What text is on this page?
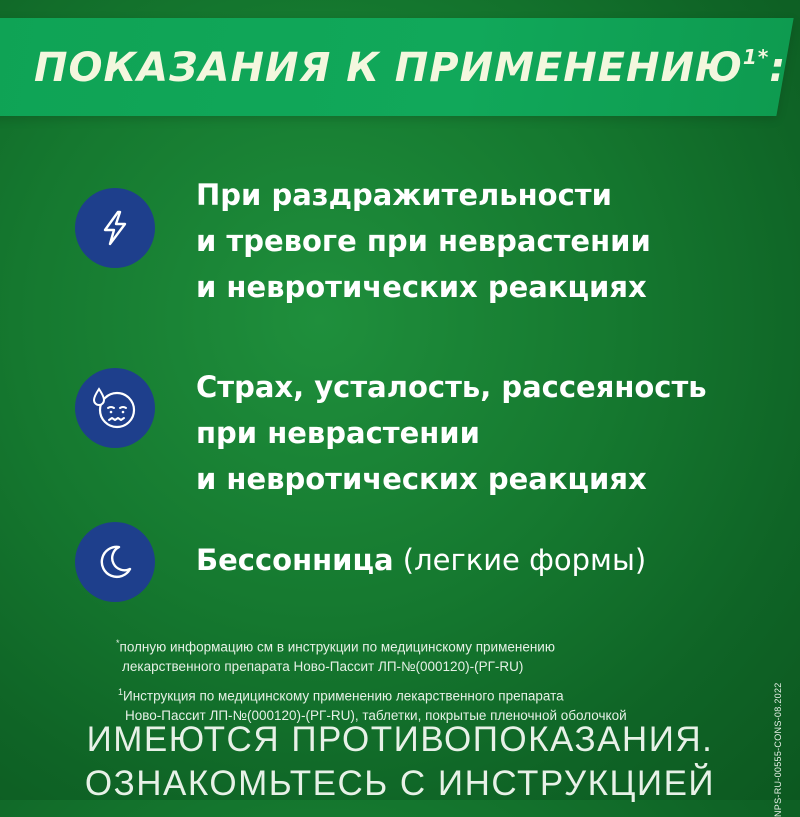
ПОКАЗАНИЯ К $ПРИМЕНЕНИЮ^{1*}$:
При раздражительности
и тревоге при неврастении
и невротических реакциях
Страх, усталость, рассеяность
при неврастении
и невротических реакциях
Бессонница (легкие формы)
*полную информацию см в инструкции по медицинскому применению
лекарственного препарата Ново-Пассит ЛП-№(000120)-(РГ-RU)
$^1$Инструкция по медицинскому применению лекарственного препарата
Ново-Пассит ЛП-№(000120)-(РГ-RU), таблетки, покрытые пленочной оболочкой
ИМЕЮТСЯ ПРОТИВОПОКАЗАНИЯ.
ОЗНАКОМЬТЕСЬ С ИНСТРУКЦИЕЙ	NPS-RU-00555-CONS-08.2022
